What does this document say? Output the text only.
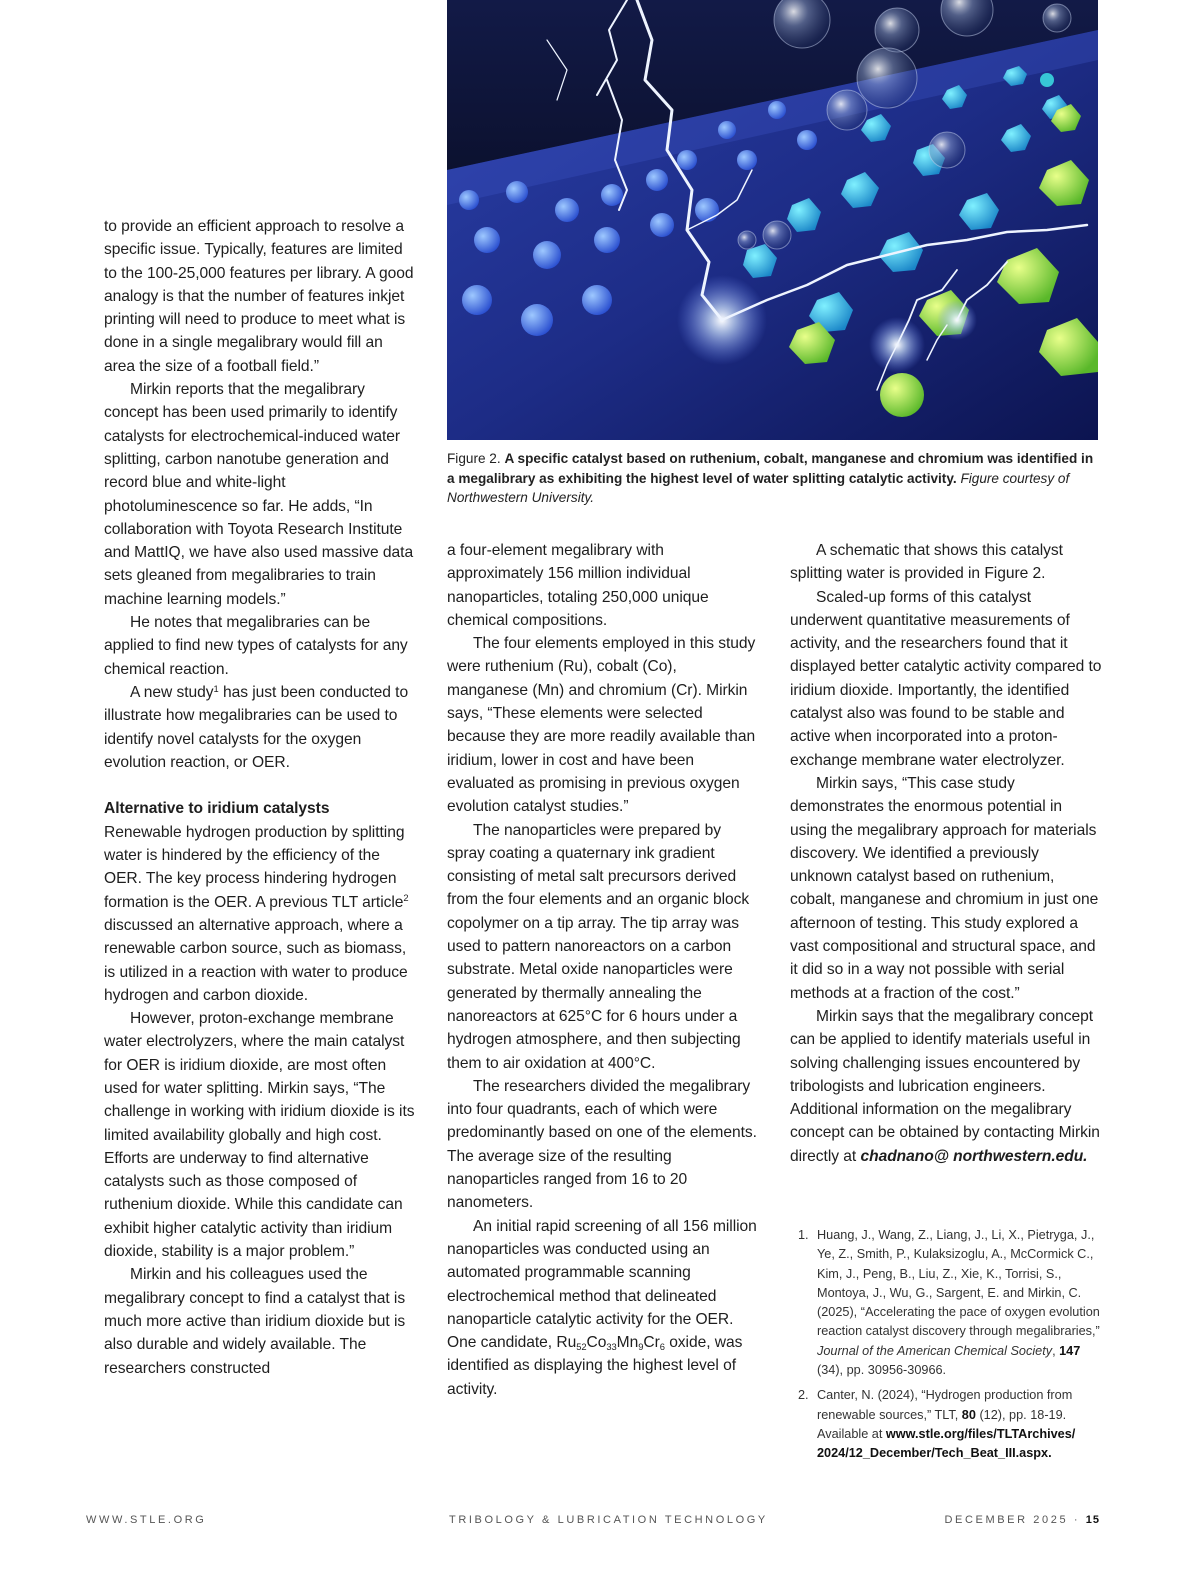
Figure 2. A specific catalyst based on ruthenium, cobalt, manganese and chromium was identified in a megalibrary as exhibiting the highest level of water splitting catalytic activity. Figure courtesy of Northwestern University.

to provide an efficient approach to resolve a specific issue. Typically, features are limited to the 100-25,000 features per library. A good analogy is that the number of features inkjet printing will need to produce to meet what is done in a single megalibrary would fill an area the size of a football field.”

Mirkin reports that the megalibrary concept has been used primarily to identify catalysts for electrochemical-induced water splitting, carbon nanotube generation and record blue and white-light photoluminescence so far. He adds, “In collaboration with Toyota Research Institute and MattIQ, we have also used massive data sets gleaned from megalibraries to train machine learning models.”

He notes that megalibraries can be applied to find new types of catalysts for any chemical reaction.

A new study$^1$ has just been conducted to illustrate how megalibraries can be used to identify novel catalysts for the oxygen evolution reaction, or OER.

Alternative to iridium catalysts

Renewable hydrogen production by splitting water is hindered by the efficiency of the OER. The key process hindering hydrogen formation is the OER. A previous TLT article$^2$ discussed an alternative approach, where a renewable carbon source, such as biomass, is utilized in a reaction with water to produce hydrogen and carbon dioxide.

However, proton-exchange membrane water electrolyzers, where the main catalyst for OER is iridium dioxide, are most often used for water splitting. Mirkin says, “The challenge in working with iridium dioxide is its limited availability globally and high cost. Efforts are underway to find alternative catalysts such as those composed of ruthenium dioxide. While this candidate can exhibit higher catalytic activity than iridium dioxide, stability is a major problem.”

Mirkin and his colleagues used the megalibrary concept to find a catalyst that is much more active than iridium dioxide but is also durable and widely available. The researchers constructed

a four-element megalibrary with approximately 156 million individual nanoparticles, totaling 250,000 unique chemical compositions.

The four elements employed in this study were ruthenium (Ru), cobalt (Co), manganese (Mn) and chromium (Cr). Mirkin says, “These elements were selected because they are more readily available than iridium, lower in cost and have been evaluated as promising in previous oxygen evolution catalyst studies.”

The nanoparticles were prepared by spray coating a quaternary ink gradient consisting of metal salt precursors derived from the four elements and an organic block copolymer on a tip array. The tip array was used to pattern nanoreactors on a carbon substrate. Metal oxide nanoparticles were generated by thermally annealing the nanoreactors at 625°C for 6 hours under a hydrogen atmosphere, and then subjecting them to air oxidation at 400°C.

The researchers divided the megalibrary into four quadrants, each of which were predominantly based on one of the elements. The average size of the resulting nanoparticles ranged from 16 to 20 nanometers.

An initial rapid screening of all 156 million nanoparticles was conducted using an automated programmable scanning electrochemical method that delineated nanoparticle catalytic activity for the OER. One candidate, $Ru_{52}Co_{33}Mn_9Cr_6$ oxide, was identified as displaying the highest level of activity.

A schematic that shows this catalyst splitting water is provided in Figure 2.

Scaled-up forms of this catalyst underwent quantitative measurements of activity, and the researchers found that it displayed better catalytic activity compared to iridium dioxide. Importantly, the identified catalyst also was found to be stable and active when incorporated into a proton-exchange membrane water electrolyzer.

Mirkin says, “This case study demonstrates the enormous potential in using the megalibrary approach for materials discovery. We identified a previously unknown catalyst based on ruthenium, cobalt, manganese and chromium in just one afternoon of testing. This study explored a vast compositional and structural space, and it did so in a way not possible with serial methods at a fraction of the cost.”

Mirkin says that the megalibrary concept can be applied to identify materials useful in solving challenging issues encountered by tribologists and lubrication engineers. Additional information on the megalibrary concept can be obtained by contacting Mirkin directly at chadnano@ northwestern.edu.

1. Huang, J., Wang, Z., Liang, J., Li, X., Pietryga, J., Ye, Z., Smith, P., Kulaksizoglu, A., McCormick C., Kim, J., Peng, B., Liu, Z., Xie, K., Torrisi, S., Montoya, J., Wu, G., Sargent, E. and Mirkin, C. (2025), “Accelerating the pace of oxygen evolution reaction catalyst discovery through megalibraries,” Journal of the American Chemical Society, 147 (34), pp. 30956-30966.
2. Canter, N. (2024), “Hydrogen production from renewable sources,” TLT, 80 (12), pp. 18-19. Available at www.stle.org/files/TLTArchives/ 2024/12_December/Tech_Beat_III.aspx.
WWW.STLE.ORG	TRIBOLOGY & LUBRICATION TECHNOLOGY	DECEMBER 2025 · 15
